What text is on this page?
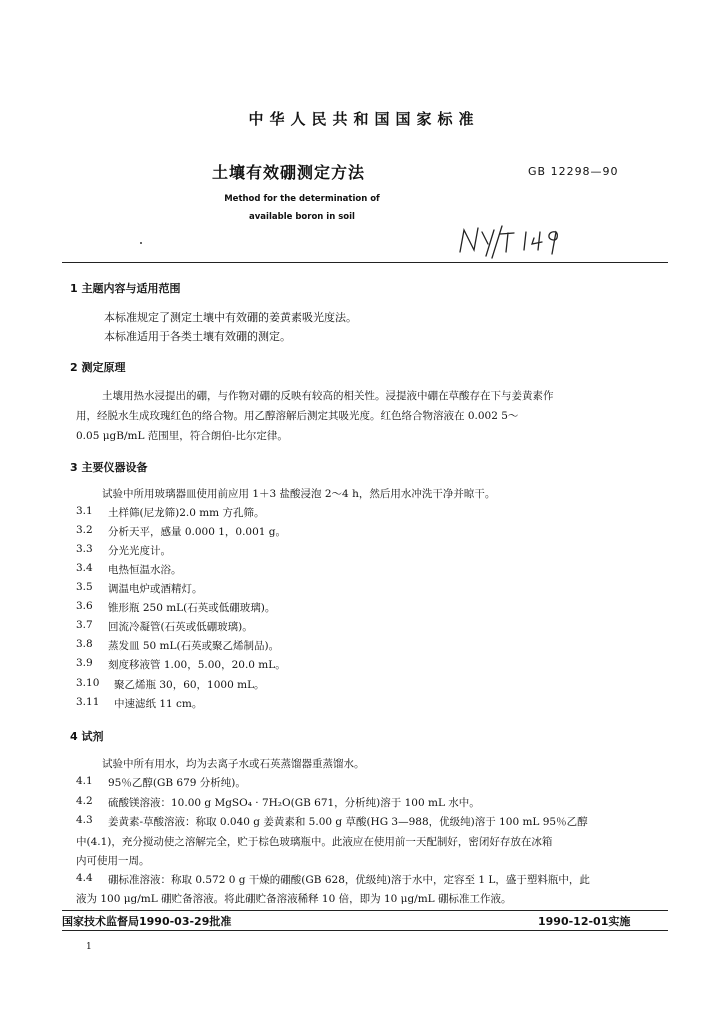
中华人民共和国国家标准
土壤有效硼测定方法	GB 12298—90
Method for the determination of
available boron in soil
1 主题内容与适用范围
本标准规定了测定土壤中有效硼的姜黄素吸光度法。
本标准适用于各类土壤有效硼的测定。
2 测定原理
土壤用热水浸提出的硼，与作物对硼的反映有较高的相关性。浸提液中硼在草酸存在下与姜黄素作
用，经脱水生成玫瑰红色的络合物。用乙醇溶解后测定其吸光度。红色络合物溶液在 0.002 5～
0.05 μgB/mL 范围里，符合朗伯-比尔定律。
3 主要仪器设备
试验中所用玻璃器皿使用前应用 1＋3 盐酸浸泡 2～4 h，然后用水冲洗干净并晾干。
3.1 土样筛(尼龙筛)2.0 mm 方孔筛。
3.2 分析天平，感量 0.000 1，0.001 g。
3.3 分光光度计。
3.4 电热恒温水浴。
3.5 调温电炉或酒精灯。
3.6 锥形瓶 250 mL(石英或低硼玻璃)。
3.7 回流冷凝管(石英或低硼玻璃)。
3.8 蒸发皿 50 mL(石英或聚乙烯制品)。
3.9 刻度移液管 1.00，5.00，20.0 mL。
3.10 聚乙烯瓶 30，60，1000 mL。
3.11 中速滤纸 11 cm。
4 试剂
试验中所有用水，均为去离子水或石英蒸馏器重蒸馏水。
4.1 95％乙醇(GB 679 分析纯)。
4.2 硫酸镁溶液：10.00 g MgSO₄ · 7H₂O(GB 671，分析纯)溶于 100 mL 水中。
4.3 姜黄素-草酸溶液：称取 0.040 g 姜黄素和 5.00 g 草酸(HG 3—988，优级纯)溶于 100 mL 95％乙醇
中(4.1)，充分搅动使之溶解完全，贮于棕色玻璃瓶中。此液应在使用前一天配制好，密闭好存放在冰箱
内可使用一周。
4.4 硼标准溶液：称取 0.572 0 g 干燥的硼酸(GB 628，优级纯)溶于水中，定容至 1 L，盛于塑料瓶中，此
液为 100 μg/mL 硼贮备溶液。将此硼贮备溶液稀释 10 倍，即为 10 μg/mL 硼标准工作液。
国家技术监督局1990-03-29批准	1990-12-01实施
1
